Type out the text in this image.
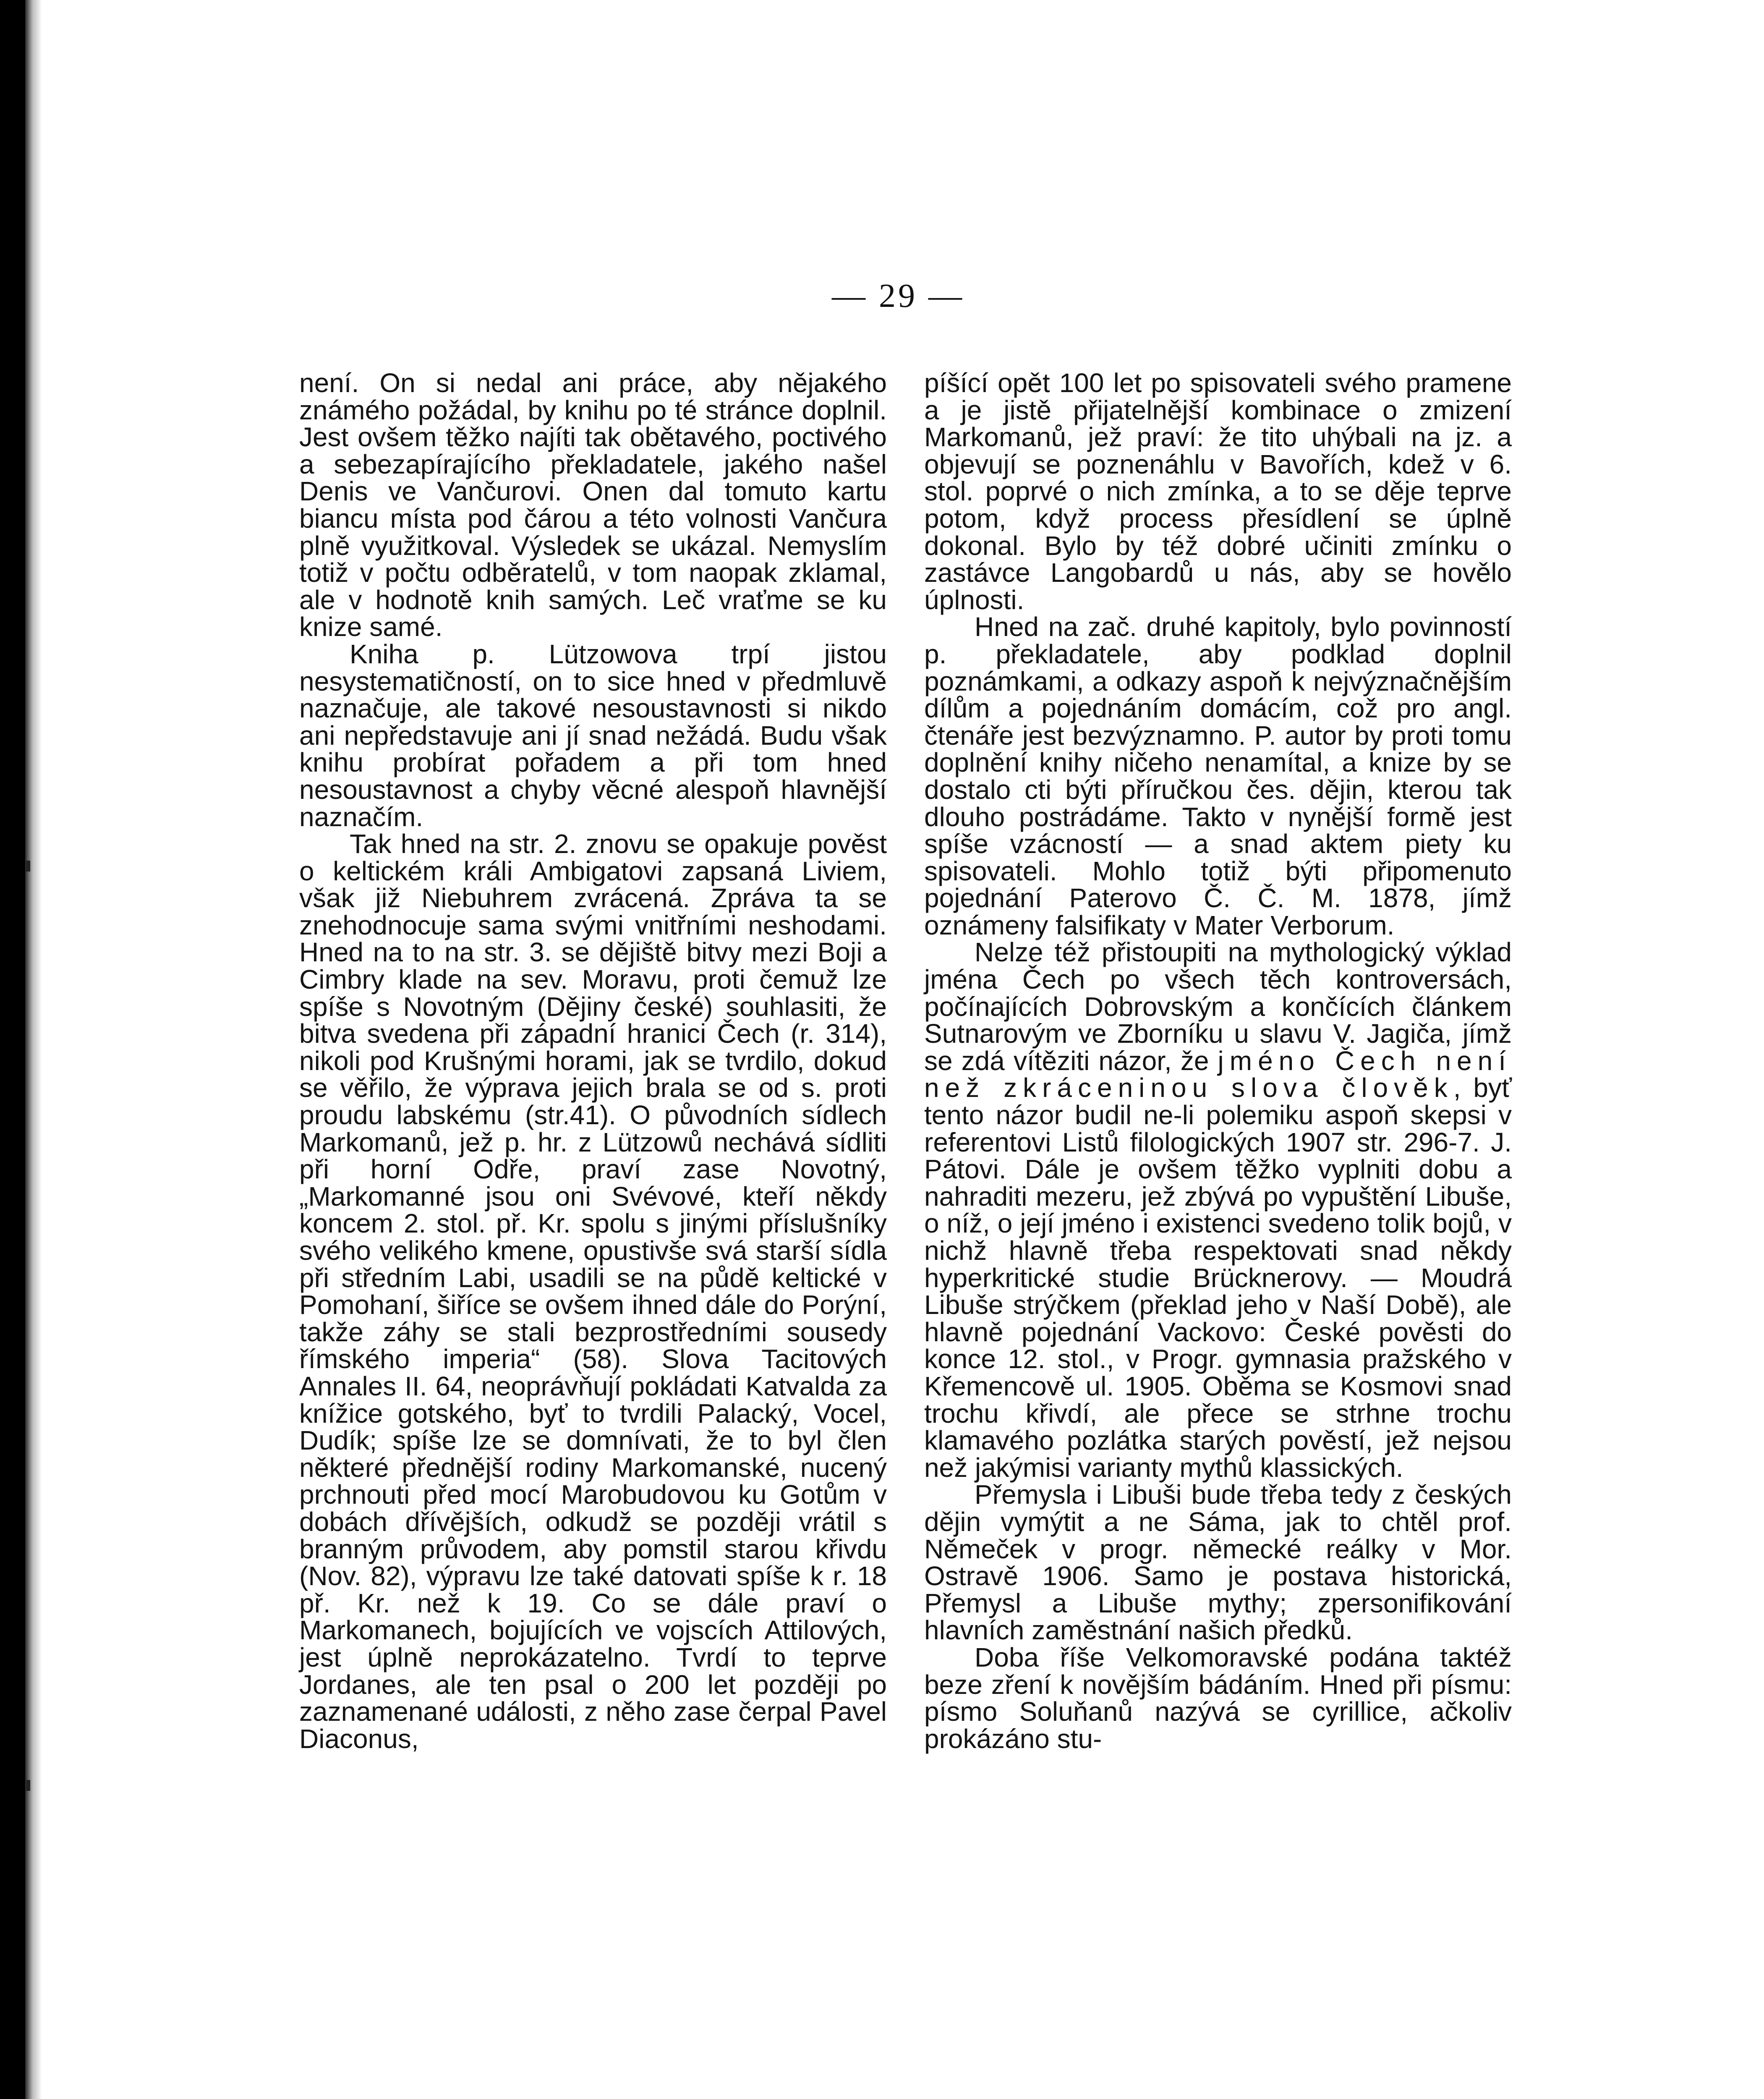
— 29 —

není. On si nedal ani práce, aby nějakého známého požádal, by knihu po té stránce doplnil. Jest ovšem těžko najíti tak obětavého, poctivého a sebezapírajícího překladatele, jakého našel Denis ve Vančurovi. Onen dal tomuto kartu biancu místa pod čárou a této volnosti Vančura plně využitkoval. Výsledek se ukázal. Nemyslím totiž v počtu odběratelů, v tom naopak zklamal, ale v hodnotě knih samých. Leč vraťme se ku knize samé.

Kniha p. Lützowova trpí jistou nesystematičností, on to sice hned v předmluvě naznačuje, ale takové nesoustavnosti si nikdo ani nepředstavuje ani jí snad nežádá. Budu však knihu probírat pořadem a při tom hned nesoustavnost a chyby věcné alespoň hlavnější naznačím.

Tak hned na str. 2. znovu se opakuje pověst o keltickém králi Ambigatovi zapsaná Liviem, však již Niebuhrem zvrácená. Zpráva ta se znehodnocuje sama svými vnitřními neshodami. Hned na to na str. 3. se dějiště bitvy mezi Boji a Cimbry klade na sev. Moravu, proti čemuž lze spíše s Novotným (Dějiny české) souhlasiti, že bitva svedena při západní hranici Čech (r. 314), nikoli pod Krušnými horami, jak se tvrdilo, dokud se věřilo, že výprava jejich brala se od s. proti proudu labskému (str.41). O původních sídlech Markomanů, jež p. hr. z Lützowů nechává sídliti při horní Odře, praví zase Novotný, „Markomanné jsou oni Svévové, kteří někdy koncem 2. stol. př. Kr. spolu s jinými příslušníky svého velikého kmene, opustivše svá starší sídla při středním Labi, usadili se na půdě keltické v Pomohaní, šiříce se ovšem ihned dále do Porýní, takže záhy se stali bezprostředními sousedy římského imperia“ (58). Slova Tacitových Annales II. 64, neoprávňují pokládati Katvalda za knížice gotského, byť to tvrdili Palacký, Vocel, Dudík; spíše lze se domnívati, že to byl člen některé přednější rodiny Markomanské, nucený prchnouti před mocí Marobudovou ku Gotům v dobách dřívějších, odkudž se později vrátil s branným průvodem, aby pomstil starou křivdu (Nov. 82), výpravu lze také datovati spíše k r. 18 př. Kr. než k 19. Co se dále praví o Markomanech, bojujících ve vojscích Attilových, jest úplně neprokázatelno. Tvrdí to teprve Jordanes, ale ten psal o 200 let později po zaznamenané události, z něho zase čerpal Pavel Diaconus,

píšící opět 100 let po spisovateli svého pramene a je jistě přijatelnější kombinace o zmizení Markomanů, jež praví: že tito uhýbali na jz. a objevují se poznenáhlu v Bavořích, kdež v 6. stol. poprvé o nich zmínka, a to se děje teprve potom, když process přesídlení se úplně dokonal. Bylo by též dobré učiniti zmínku o zastávce Langobardů u nás, aby se hovělo úplnosti.

Hned na zač. druhé kapitoly, bylo povinností p. překladatele, aby podklad doplnil poznámkami, a odkazy aspoň k nejvýznačnějším dílům a pojednáním domácím, což pro angl. čtenáře jest bezvýznamno. P. autor by proti tomu doplnění knihy ničeho nenamítal, a knize by se dostalo cti býti příručkou čes. dějin, kterou tak dlouho postrádáme. Takto v nynější formě jest spíše vzácností — a snad aktem piety ku spisovateli. Mohlo totiž býti připomenuto pojednání Paterovo Č. Č. M. 1878, jímž oznámeny falsifikaty v Mater Verborum.

Nelze též přistoupiti na mythologický výklad jména Čech po všech těch kontroversách, počínajících Dobrovským a končících článkem Sutnarovým ve Zborníku u slavu V. Jagiča, jímž se zdá vítěziti názor, že jméno Čech není než zkráceninou slova člověk, byť tento názor budil ne-li polemiku aspoň skepsi v referentovi Listů filologických 1907 str. 296-7. J. Pátovi. Dále je ovšem těžko vyplniti dobu a nahraditi mezeru, jež zbývá po vypuštění Libuše, o níž, o její jméno i existenci svedeno tolik bojů, v nichž hlavně třeba respektovati snad někdy hyperkritické studie Brücknerovy. — Moudrá Libuše strýčkem (překlad jeho v Naší Době), ale hlavně pojednání Vackovo: České pověsti do konce 12. stol., v Progr. gymnasia pražského v Křemencově ul. 1905. Oběma se Kosmovi snad trochu křivdí, ale přece se strhne trochu klamavého pozlátka starých pověstí, jež nejsou než jakýmisi varianty mythů klassických.

Přemysla i Libuši bude třeba tedy z českých dějin vymýtit a ne Sáma, jak to chtěl prof. Němeček v progr. německé reálky v Mor. Ostravě 1906. Samo je postava historická, Přemysl a Libuše mythy; zpersonifikování hlavních zaměstnání našich předků.

Doba říše Velkomoravské podána taktéž beze zření k novějším bádáním. Hned při písmu: písmo Soluňanů nazývá se cyrillice, ačkoliv prokázáno stu-
